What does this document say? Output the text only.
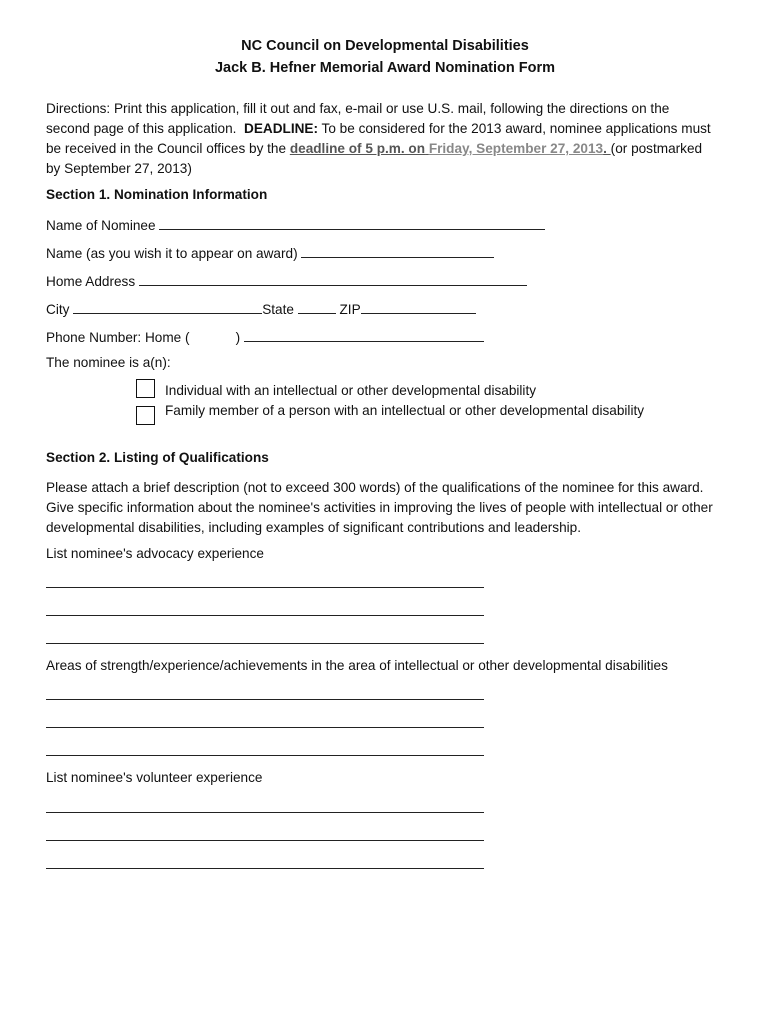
NC Council on Developmental Disabilities
Jack B. Hefner Memorial Award Nomination Form
Directions: Print this application, fill it out and fax, e-mail or use U.S. mail, following the directions on the
second page of this application.  DEADLINE: To be considered for the 2013 award, nominee applications must
be received in the Council offices by the deadline of 5 p.m. on Friday, September 27, 2013. (or postmarked
by September 27, 2013)
Section 1. Nomination Information
Name of Nominee
Name (as you wish it to appear on award)
Home Address
City	State	ZIP
Phone Number: Home (	)
The nominee is a(n):
Individual with an intellectual or other developmental disability
Family member of a person with an intellectual or other developmental disability
Section 2. Listing of Qualifications
Please attach a brief description (not to exceed 300 words) of the qualifications of the nominee for this award.
Give specific information about the nominee's activities in improving the lives of people with intellectual or other
developmental disabilities, including examples of significant contributions and leadership.
List nominee's advocacy experience
Areas of strength/experience/achievements in the area of intellectual or other developmental disabilities
List nominee's volunteer experience
